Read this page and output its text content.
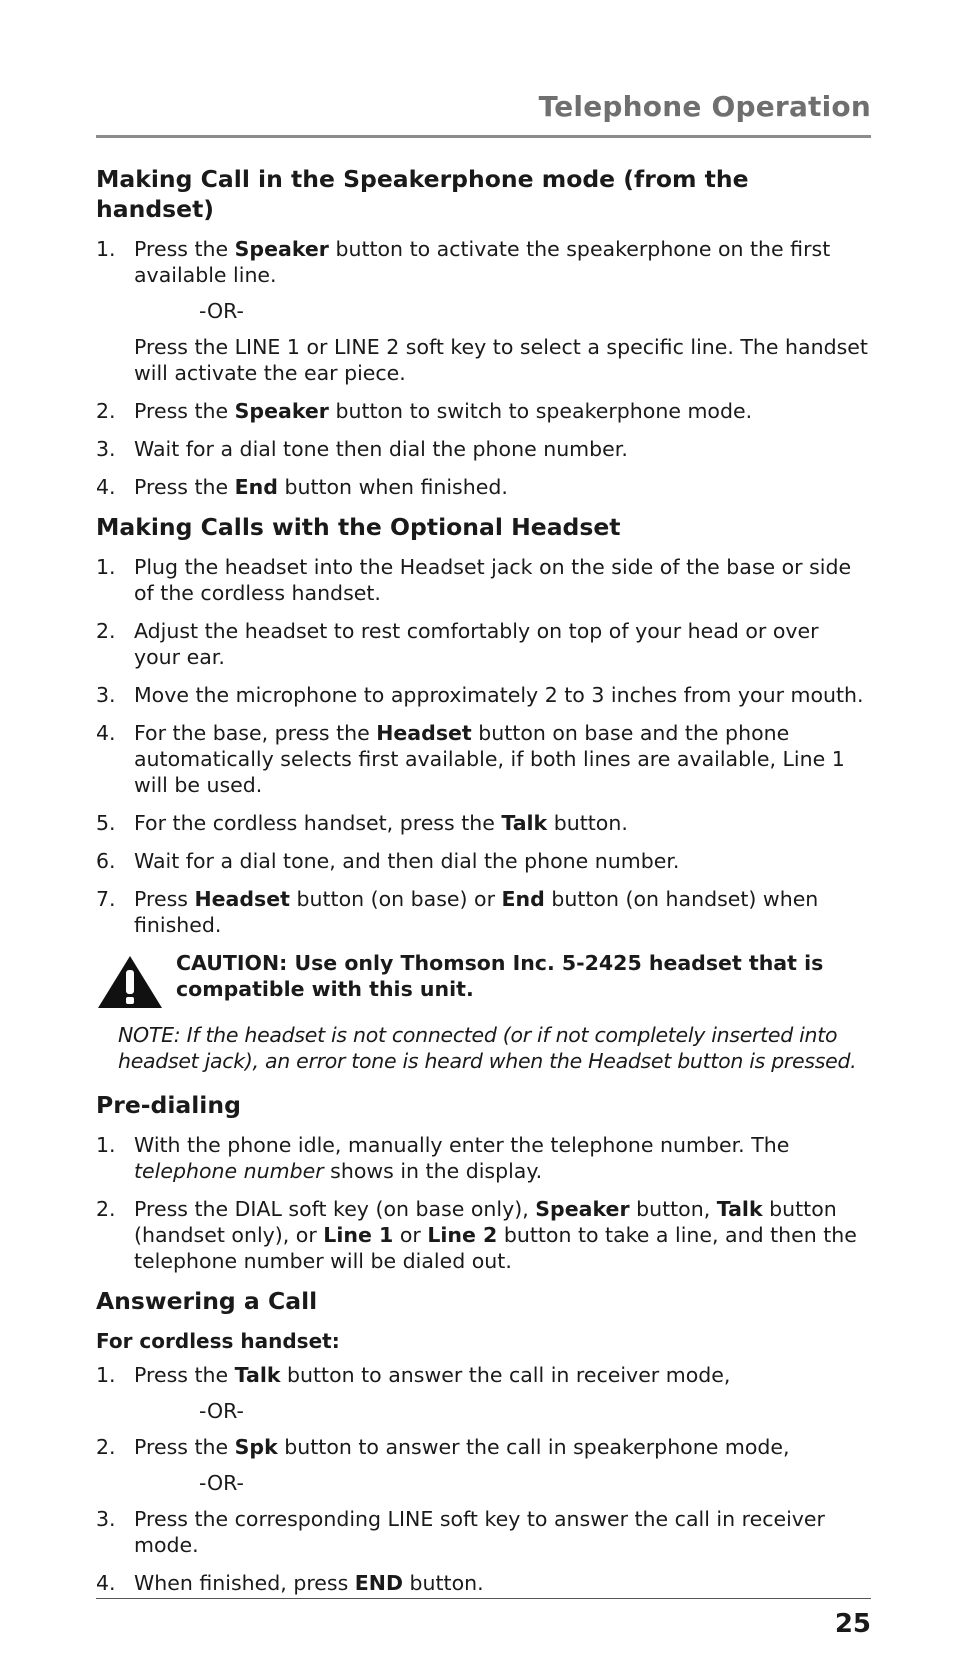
Telephone Operation
Making Call in the Speakerphone mode (from the handset)
1. Press the Speaker button to activate the speakerphone on the first available line.
-OR-
Press the LINE 1 or LINE 2 soft key to select a specific line. The handset will activate the ear piece.
2. Press the Speaker button to switch to speakerphone mode.
3. Wait for a dial tone then dial the phone number.
4. Press the End button when finished.
Making Calls with the Optional Headset
1. Plug the headset into the Headset jack on the side of the base or side of the cordless handset.
2. Adjust the headset to rest comfortably on top of your head or over your ear.
3. Move the microphone to approximately 2 to 3 inches from your mouth.
4. For the base, press the Headset button on base and the phone automatically selects first available, if both lines are available, Line 1 will be used.
5. For the cordless handset, press the Talk button.
6. Wait for a dial tone, and then dial the phone number.
7. Press Headset button (on base) or End button (on handset) when finished.
CAUTION: Use only Thomson Inc. 5-2425 headset that is compatible with this unit.
NOTE: If the headset is not connected (or if not completely inserted into headset jack), an error tone is heard when the Headset button is pressed.
Pre-dialing
1. With the phone idle, manually enter the telephone number. The telephone number shows in the display.
2. Press the DIAL soft key (on base only), Speaker button, Talk button (handset only), or Line 1 or Line 2 button to take a line, and then the telephone number will be dialed out.
Answering a Call
For cordless handset:
1. Press the Talk button to answer the call in receiver mode,
-OR-
2. Press the Spk button to answer the call in speakerphone mode,
-OR-
3. Press the corresponding LINE soft key to answer the call in receiver mode.
4. When finished, press END button.
25
